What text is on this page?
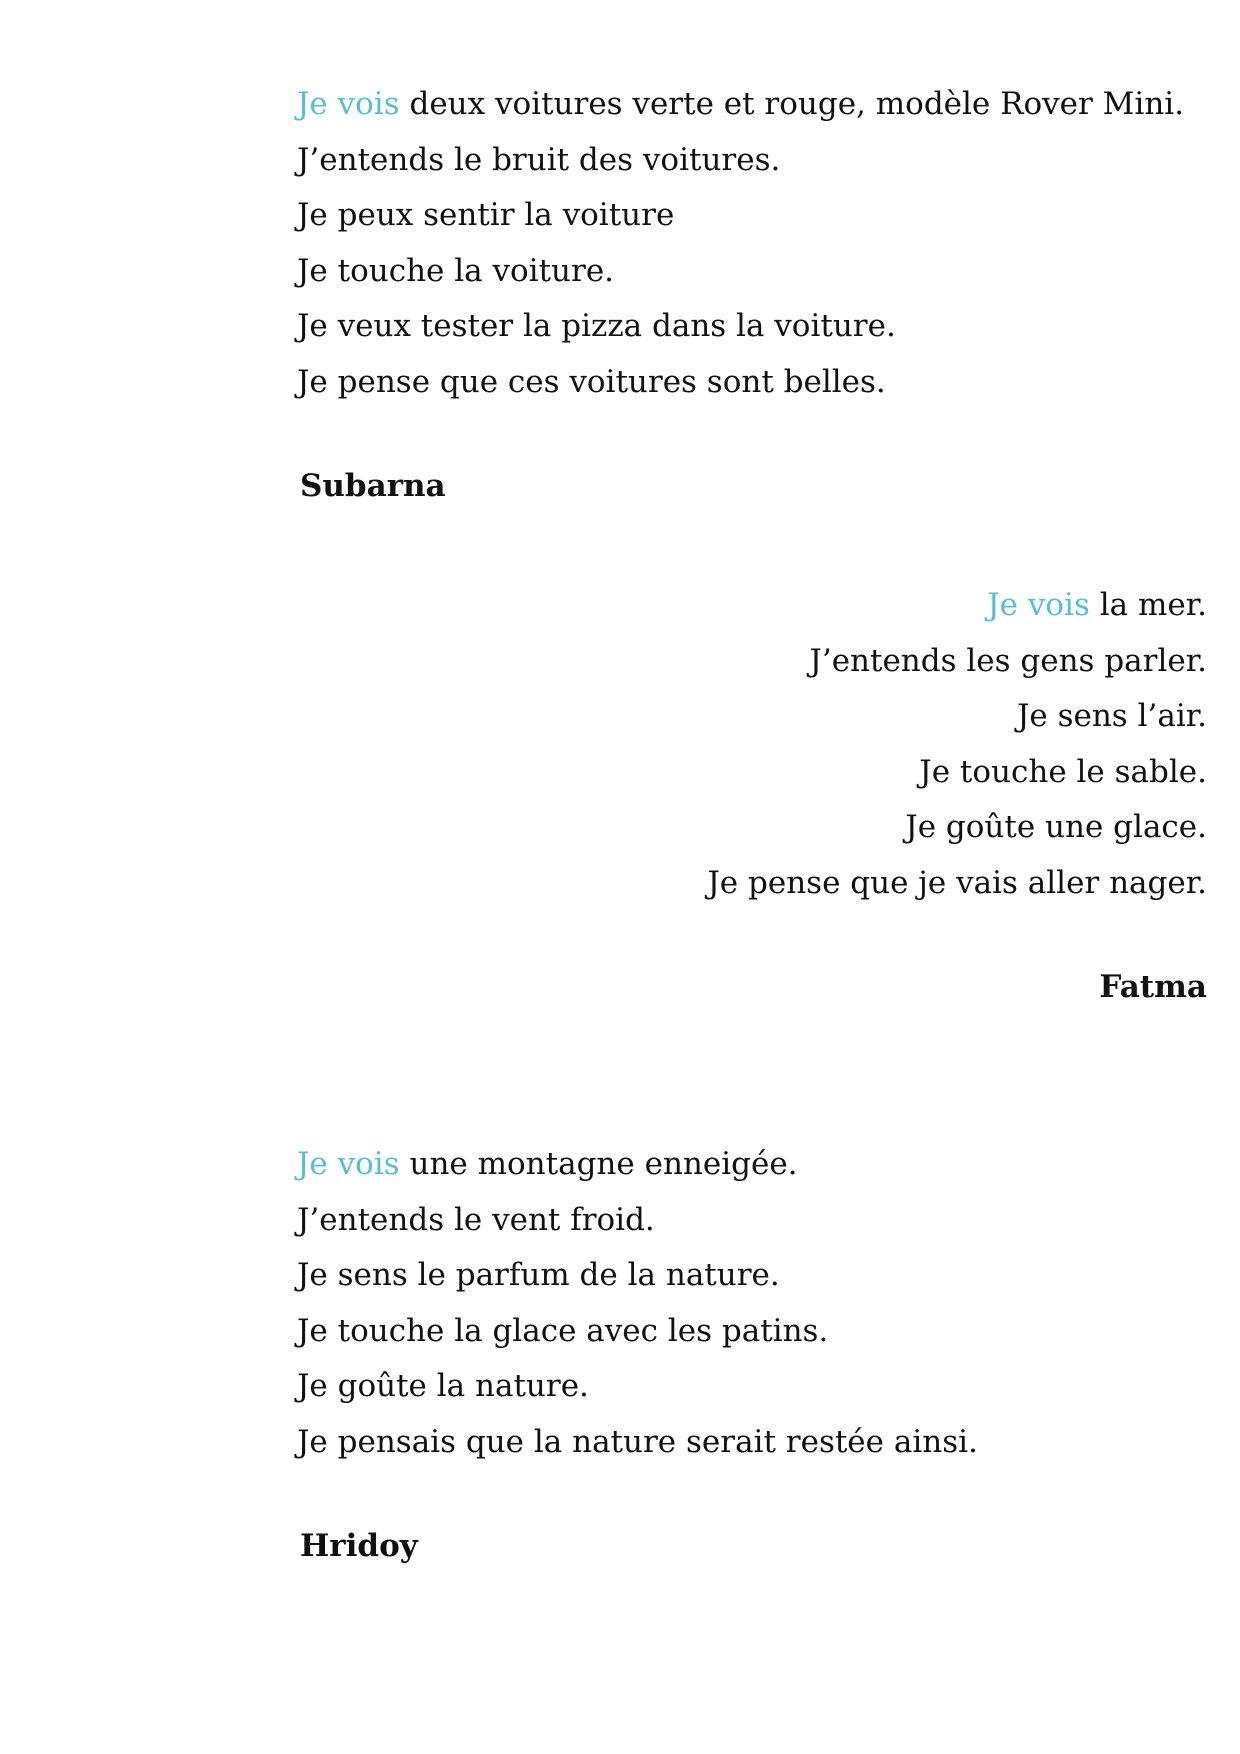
Je vois deux voitures verte et rouge, modèle Rover Mini.
J’entends le bruit des voitures.
Je peux sentir la voiture
Je touche la voiture.
Je veux tester la pizza dans la voiture.
Je pense que ces voitures sont belles.
Subarna
Je vois la mer.
J’entends les gens parler.
Je sens l’air.
Je touche le sable.
Je goûte une glace.
Je pense que je vais aller nager.
Fatma
Je vois une montagne enneigée.
J’entends le vent froid.
Je sens le parfum de la nature.
Je touche la glace avec les patins.
Je goûte la nature.
Je pensais que la nature serait restée ainsi.
Hridoy
